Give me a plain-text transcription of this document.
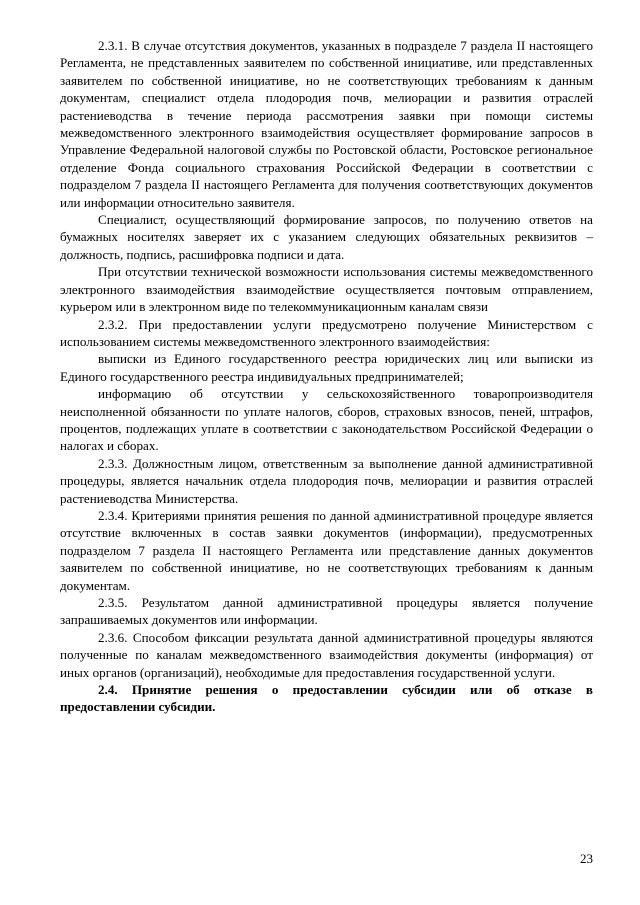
2.3.1. В случае отсутствия документов, указанных в подразделе 7 раздела II настоящего Регламента, не представленных заявителем по собственной инициативе, или представленных заявителем по собственной инициативе, но не соответствующих требованиям к данным документам, специалист отдела плодородия почв, мелиорации и развития отраслей растениеводства в течение периода рассмотрения заявки при помощи системы межведомственного электронного взаимодействия осуществляет формирование запросов в Управление Федеральной налоговой службы по Ростовской области, Ростовское региональное отделение Фонда социального страхования Российской Федерации в соответствии с подразделом 7 раздела II настоящего Регламента для получения соответствующих документов или информации относительно заявителя.

Специалист, осуществляющий формирование запросов, по получению ответов на бумажных носителях заверяет их с указанием следующих обязательных реквизитов – должность, подпись, расшифровка подписи и дата.

При отсутствии технической возможности использования системы межведомственного электронного взаимодействия взаимодействие осуществляется почтовым отправлением, курьером или в электронном виде по телекоммуникационным каналам связи

2.3.2. При предоставлении услуги предусмотрено получение Министерством с использованием системы межведомственного электронного взаимодействия:

выписки из Единого государственного реестра юридических лиц или выписки из Единого государственного реестра индивидуальных предпринимателей;

информацию об отсутствии у сельскохозяйственного товаропроизводителя неисполненной обязанности по уплате налогов, сборов, страховых взносов, пеней, штрафов, процентов, подлежащих уплате в соответствии с законодательством Российской Федерации о налогах и сборах.

2.3.3. Должностным лицом, ответственным за выполнение данной административной процедуры, является начальник отдела плодородия почв, мелиорации и развития отраслей растениеводства Министерства.

2.3.4. Критериями принятия решения по данной административной процедуре является отсутствие включенных в состав заявки документов (информации), предусмотренных подразделом 7 раздела II настоящего Регламента или представление данных документов заявителем по собственной инициативе, но не соответствующих требованиям к данным документам.

2.3.5. Результатом данной административной процедуры является получение запрашиваемых документов или информации.

2.3.6. Способом фиксации результата данной административной процедуры являются полученные по каналам межведомственного взаимодействия документы (информация) от иных органов (организаций), необходимые для предоставления государственной услуги.

2.4. Принятие решения о предоставлении субсидии или об отказе в предоставлении субсидии.

23
